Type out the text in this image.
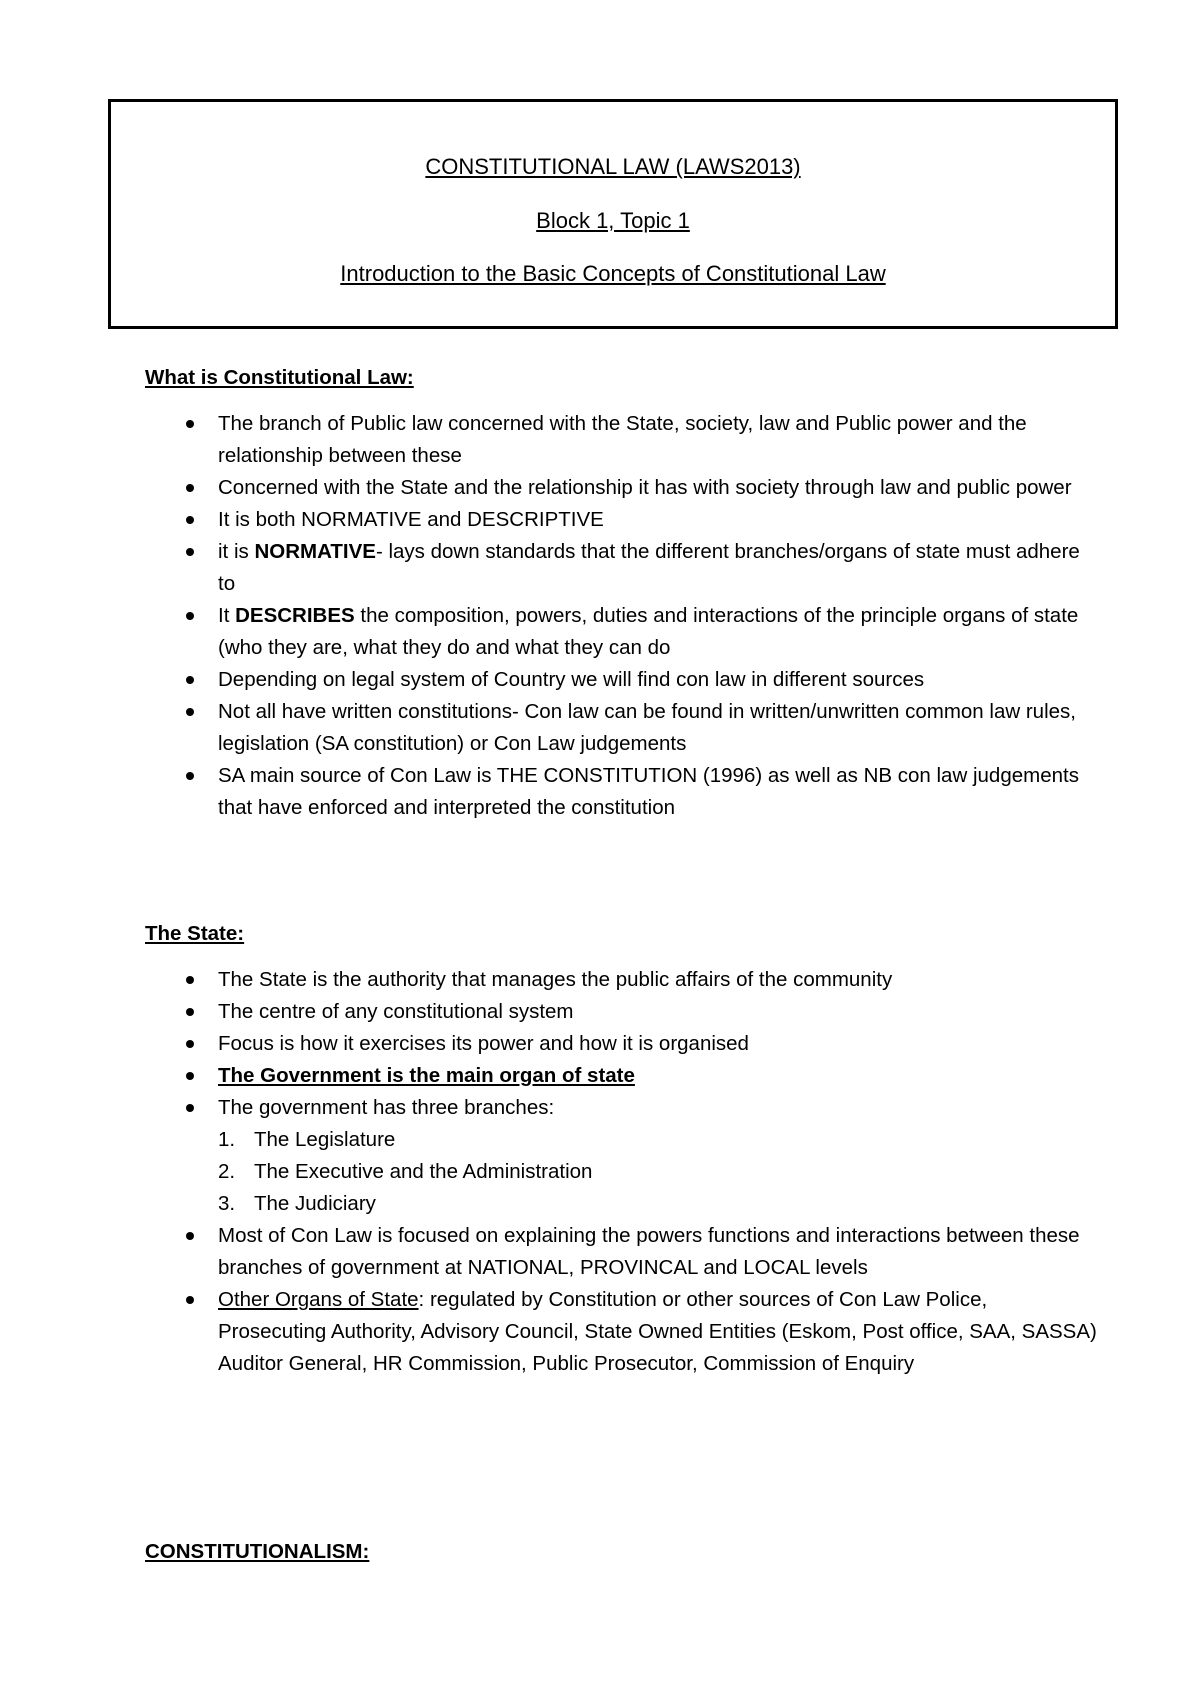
CONSTITUTIONAL LAW (LAWS2013)
Block 1, Topic 1
Introduction to the Basic Concepts of Constitutional Law
What is Constitutional Law:
The branch of Public law concerned with the State, society, law and Public power and the relationship between these
Concerned with the State and the relationship it has with society through law and public power
It is both NORMATIVE and DESCRIPTIVE
it is NORMATIVE- lays down standards that the different branches/organs of state must adhere to
It DESCRIBES the composition, powers, duties and interactions of the principle organs of state (who they are, what they do and what they can do
Depending on legal system of Country we will find con law in different sources
Not all have written constitutions- Con law can be found in written/unwritten common law rules, legislation (SA constitution) or Con Law judgements
SA main source of Con Law is THE CONSTITUTION (1996) as well as NB con law judgements that have enforced and interpreted the constitution
The State:
The State is the authority that manages the public affairs of the community
The centre of any constitutional system
Focus is how it exercises its power and how it is organised
The Government is the main organ of state
The government has three branches:
1. The Legislature
2. The Executive and the Administration
3. The Judiciary
Most of Con Law is focused on explaining the powers functions and interactions between these branches of government at NATIONAL, PROVINCAL and LOCAL levels
Other Organs of State: regulated by Constitution or other sources of Con Law Police, Prosecuting Authority, Advisory Council, State Owned Entities (Eskom, Post office, SAA, SASSA) Auditor General, HR Commission, Public Prosecutor, Commission of Enquiry
CONSTITUTIONALISM:
